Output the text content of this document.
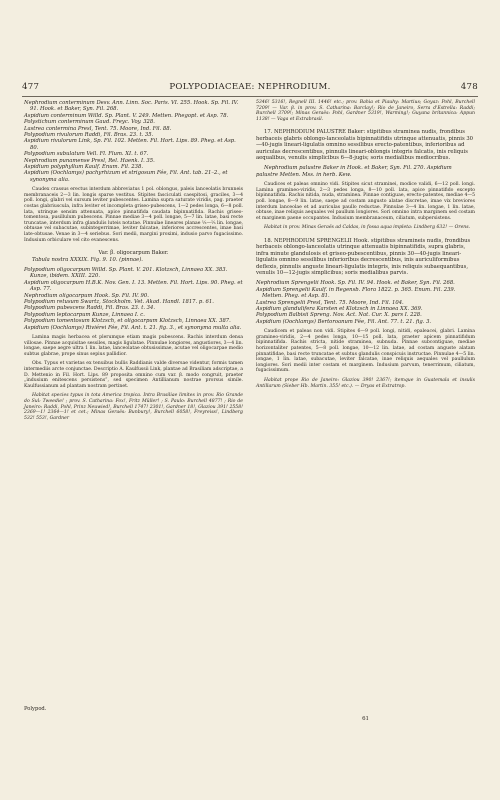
477	POLYPODIACEAE: NEPHRODIUM.	478

Nephrodium conterminum Desv. Ann. Linn. Soc. Paris. VI. 255. Hook. Sp. Fil. IV. 91. Hook. et Baker, Syn. Fil. 268.

Aspidium conterminum Willd. Sp. Plant. V. 249. Metten. Phegopt. et Asp. 78.

Polystichum conterminum Gaud. Freyc. Voy. 328.

Lastrea contermina Presl, Tent. 75. Moore, Ind. Fil. 88.

Polypodium rivulorum Raddi, Fil. Bras. 23. t. 35.

Aspidium rivulorum Link, Sp. Fil. 102. Metten. Fil. Hort. Lips. 89. Pheg. et Asp. 80.

Polypodium subulatum Vell. Fl. Flum. XI. t. 67.

Nephrodium punamense Presl, Rel. Haenk. I. 35.

Aspidium polyphyllum Kaulf. Enum. Fil. 238.

Aspidium (Oochlamys) pachyrhizum et strigosum Fée, Fil. Ant. tab. 21–2., et synonyma alia.

Caudex crassus erectus interdum abbreviatus 1 pol. oblongus, paleis lanceolatis brunneis membranaceis 2—3 lin. longis sparse vestitus. Stipites fasciculati caespitosi, graciles, 3—4 poll. longi, glabri vel sursum leviter pubescentes. Lamina supra saturate viridis, pag. praeter costas glabriuscula, infra leviter et incompleta griseo-pubescens, 1—2 pedes longa, 6—8 poll. lata, utrinque sensim attenuata, apice pinnatifida caudata bipinnatifida. Rachis griseo-tomentosa, pusillulum pubescens. Pinnae mediae 3—4 poll. longae, 5—7 lin. latae, basi recte truncatae, interdum infra glandulis luteis notatae. Pinnulae lineares planae ⅓—⅔ lin. longae, obtusae vel subacutae, subintegerrimae, leviter falcatae, inferiores accrescentes, imae basi late-obtusae. Venae in 3—4 seriebus. Sori medii, margini proximi, indusio parvo fugacissimo. Indusium orbiculare vel cito evanescens.

Var. β. oligocarpum Baker.

Tabula nostra XXXIX. Fig. 9. 10. (pinnae).

Polypodium oligocarpum Willd. Sp. Plant. V. 201. Klotzsch, Linnaea XX. 383. Kunze, ibidem. XXIII. 220.

Aspidium oligocarpum H.B.K. Nov. Gen. I. 13. Metten. Fil. Hort. Lips. 90. Pheg. et Asp. 77.

Nephrodium oligocarpum Hook. Sp. Fil. IV. 90.

Polypodium retusum Swartz, Stockholm. Vet. Akad. Handl. 1817. p. 61.

Polypodium pubescens Raddi, Fil. Bras. 23. t. 34.

Polypodium leptocarpum Kunze, Linnaea I. c.

Polypodium tomentosum Klotzsch, et oligocarpum Klotzsch, Linnaea XX. 387.

Aspidium (Oochlamys) Riviérei Fée, Fil. Ant. t. 21. fig. 3., et synonyma multa alia.

Lamina magis herbacea et plerumque etiam magis pubescens. Rachis interdum densa villosae. Pinnae acquisitae sessiles, magis ligulatae. Pinnulae longiores, angustiores, 3—4 lin. longae, saepe aegre ultra 1 lin. latae, lanceolatae obtusissimae, acutae vel oligocarpae medio subtus glabrae, prope sinus sepius pallidior.

Obs. Typus et varietas ex tenuibus bullis Raddianis valde diversae videntur, formis tamen intermediis arcte conjunctae. Descriptio A. Kaulfussii Link, plantae ad Brasiliam adscriptae, a D. Mettenio in Fil. Hort. Lips. 89 proposita omnino cum var. β. modo congruit, praeter „indusium enitescens persistens”, sed specimen Antillianum nostrae prorsus simile. Kaulfussianum ad plantam nostram pertinet.

Habitat species typus in tota America tropica. Intra Brasiliae limites in prov. Rio Grande do Sul: Tweedie! ; prov. S. Catharina: Fox!, Fritz Müller! ; S. Paulo: Burchell 4877! ; Rio de Janeiro: Raddi, Pohl, Prinz Neuwied!, Burchell 1747! 2301!, Gardner 18!, Glaziou 391! 2558! 2369—1! 2364—1! et cet.; Minas Geraës: Bunbury!, Burchell 6058!, Freyreiss!, Lindberg 532! 553!, Gardner

Polypod.

5346! 5316!, Regnell III. 1446! etc.; prov. Bahia et Piauhy: Martius; Goyaz: Pohl, Burchell 7209! — Var. β. in prov. S. Catharina: Barclay!; Rio de Janeiro, Serra d'Estrella: Raddi; Burchell 3709!; Minas Geraës: Pohl, Gardner 5319!, Warming!; Guyana britannica: Appun 1138! — Vaga et Extrabrasil.

17. NEPHRODIUM PALUSTRE Baker: stipitibus straminea nudis, frondibus herbaceis glabris oblongo-lanceolatis bipinnatifidis utrinque attenuatis, pinnis 30—40-jugis lineari-ligulatis omnino sessilibus erecto-patentibus, inferioribus ad auriculas decrescentibus, pinnulis lineari-oblongis integris falcatis, inis reliquis aequalibus, venulis simplicibus 6—8-jugis; soris medialibus mediocribus.

Nephrodium palustre Baker in Hook. et Baker, Syn. Fil. 270. Aspidium palustre Metten. Mss. in herb. Kew.

Caudices et paleas omnino vidi. Stipites sicut straminei, modice validi, 6—12 poll. longi. Lamina gramineo-viridis, 2—3 pedes longa, 8—10 poll. lata, apice pinnatifido excepto bipinnatifida. Rachis nitida, nuda, straminea. Pinnae contiguae, erecto-patentes, mediae 4—5 poll. longae, 8—9 lin. latae, saepe ad costam angusto alatae discretae, imae vix breviores interdum lanceolae et ad auriculas paullo reductae. Pinnulae 3—4 lin. longae, 1 lin. latae, obtuse, inae reliquis aequales vel paullum longiores. Sori omnino intra marginem sed costam et marginem paene occupantes. Indusium membranaceum, ciliatum, subpersistens.

Habitat in prov. Minas Geraës ad Caldas, in fossa aqua impleta: Lindberg 632! — Orens.

18. NEPHRODIUM SPRENGELII Hook. stipitibus stramineis nudis, frondibus herbaceis oblongo-lanceolatis utrinque attenuatis bipinnatifidis, supra glabris, infra minute glandulosis et griseo-pubescentibus, pinnis 30—40-jugis lineari-ligulatis omnino sessilibus inferioribus decrescentibus, inis auriculiformibus deflexis, pinnulis anguste lineari-ligulatis integris, inis reliquis subaequantibus, venulis 10—12-jugis simplicibus; soris medialibus parvis.

Nephrodium Sprengelii Hook. Sp. Fil. IV. 94. Hook. et Baker, Syn. Fil. 268.

Aspidium Sprengelii Kaulf. in Regensb. Flora 1822. p. 365. Enum. Fil. 239. Metten. Pheg. et Asp. 81.

Lastrea Sprengelii Presl, Tent. 75. Moore, Ind. Fil. 104.

Aspidium glandulifera Karsten et Klotzsch in Linnaea XX. 369.

Polypodium Balbisii Spreng. Nov. Act. Nat. Cur. X. pars I. 228.

Aspidium (Oochlamys) Bertoroanum Fée, Fil. Ant. 77. t. 21. fig. 3.

Caudicem et paleas non vidi. Stipites 6—9 poll. longi, nitidi, epaleacei, glabri. Lamina gramineo-viridis, 2—4 pedes longa, 10—15 poll. lata, praeter apicem pinnatifidum bipinnatifida. Rachis stricta, nitide straminea, subnuda. Pinnae subcontiguae, mediae horizontaliter patentes, 5—8 poll. longae, 10—12 lin. latae, ad costam anguste alatam pinnatifidae, basi recte truncatae et subtus glandulis conspicuis instructae. Pinnulae 4—5 lin. longae, 1 lin. latae, subacutae, leviter falcatae, inae reliquis aequales vel paullulum longiores. Sori medii inter costam et marginem. Indusium parvum, tenerrimum, ciliatum, fugacissimum.

Habitat prope Rio de Janeiro: Glaziou 390! 2367!; itemque in Guatemala et insulis Antillarum (Sieber Hb. Martin. 355! etc.). — Dryas et Extratrop.

61
